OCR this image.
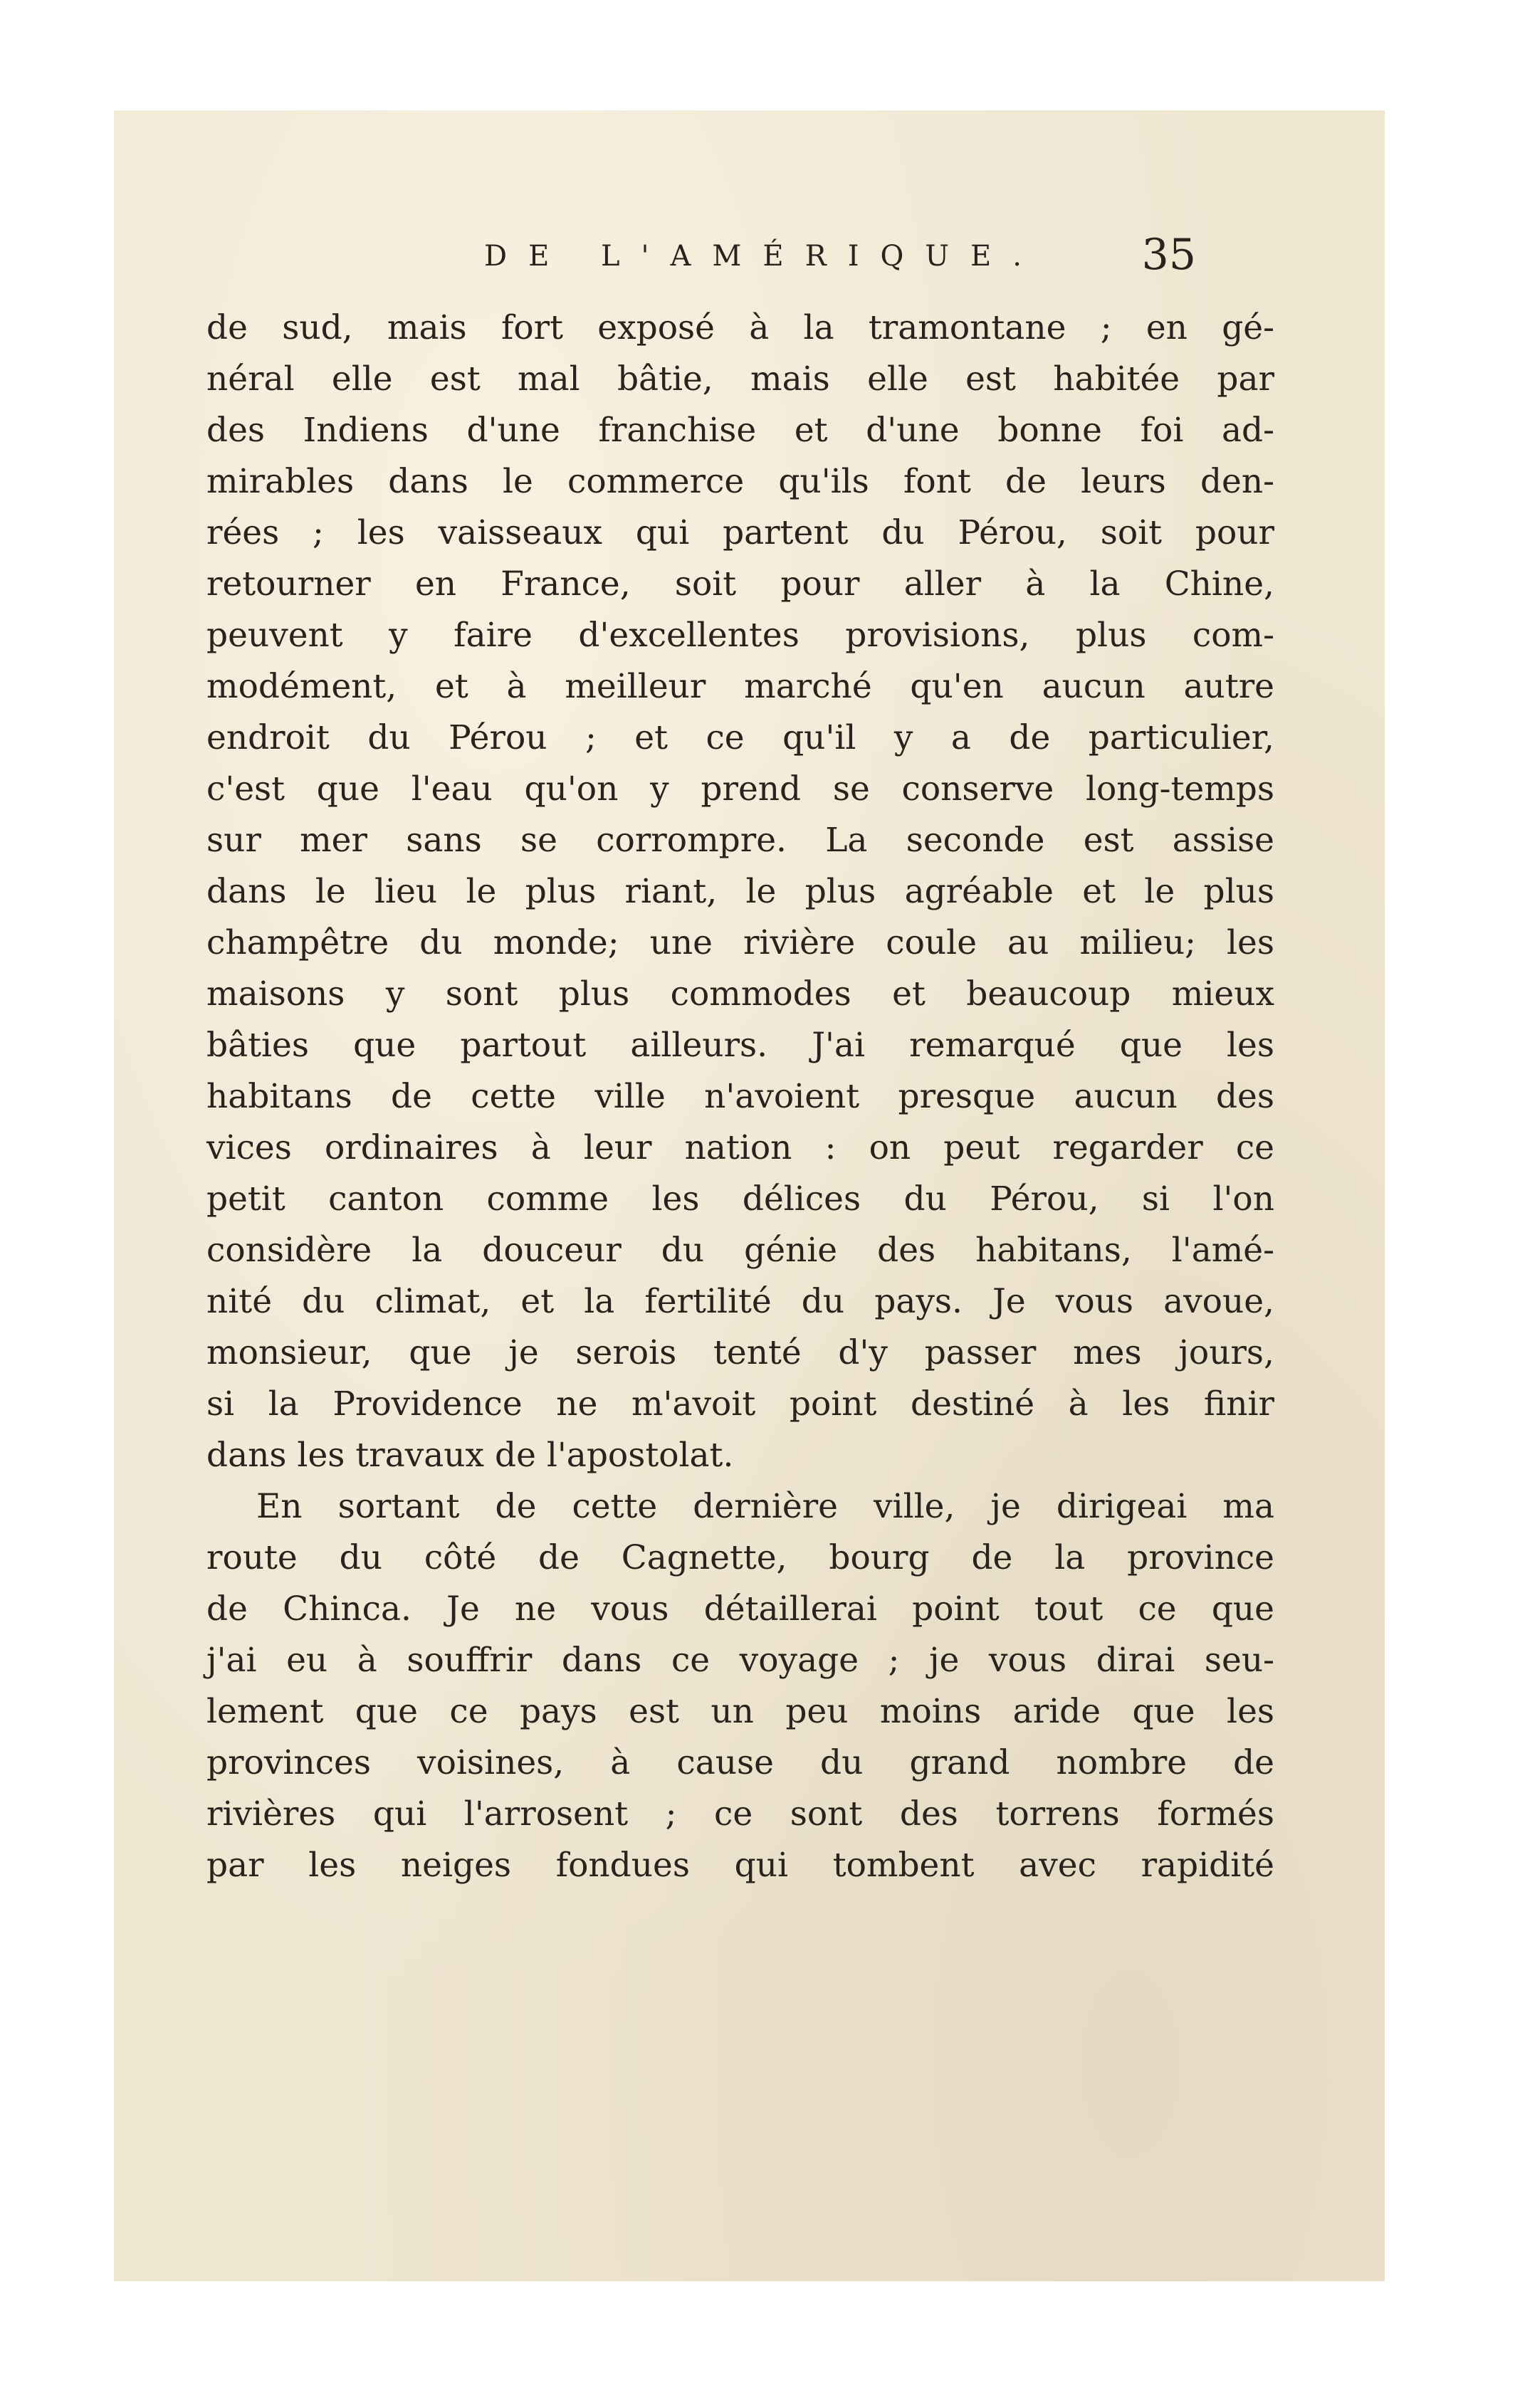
DE L'AMÉRIQUE. 35
de sud, mais fort exposé à la tramontane ; en gé-
néral elle est mal bâtie, mais elle est habitée par
des Indiens d'une franchise et d'une bonne foi ad-
mirables dans le commerce qu'ils font de leurs den-
rées ; les vaisseaux qui partent du Pérou, soit pour
retourner en France, soit pour aller à la Chine,
peuvent y faire d'excellentes provisions, plus com-
modément, et à meilleur marché qu'en aucun autre
endroit du Pérou ; et ce qu'il y a de particulier,
c'est que l'eau qu'on y prend se conserve long-temps
sur mer sans se corrompre. La seconde est assise
dans le lieu le plus riant, le plus agréable et le plus
champêtre du monde; une rivière coule au milieu; les
maisons y sont plus commodes et beaucoup mieux
bâties que partout ailleurs. J'ai remarqué que les
habitans de cette ville n'avoient presque aucun des
vices ordinaires à leur nation : on peut regarder ce
petit canton comme les délices du Pérou, si l'on
considère la douceur du génie des habitans, l'amé-
nité du climat, et la fertilité du pays. Je vous avoue,
monsieur, que je serois tenté d'y passer mes jours,
si la Providence ne m'avoit point destiné à les finir
dans les travaux de l'apostolat.
En sortant de cette dernière ville, je dirigeai ma
route du côté de Cagnette, bourg de la province
de Chinca. Je ne vous détaillerai point tout ce que
j'ai eu à souffrir dans ce voyage ; je vous dirai seu-
lement que ce pays est un peu moins aride que les
provinces voisines, à cause du grand nombre de
rivières qui l'arrosent ; ce sont des torrens formés
par les neiges fondues qui tombent avec rapidité
